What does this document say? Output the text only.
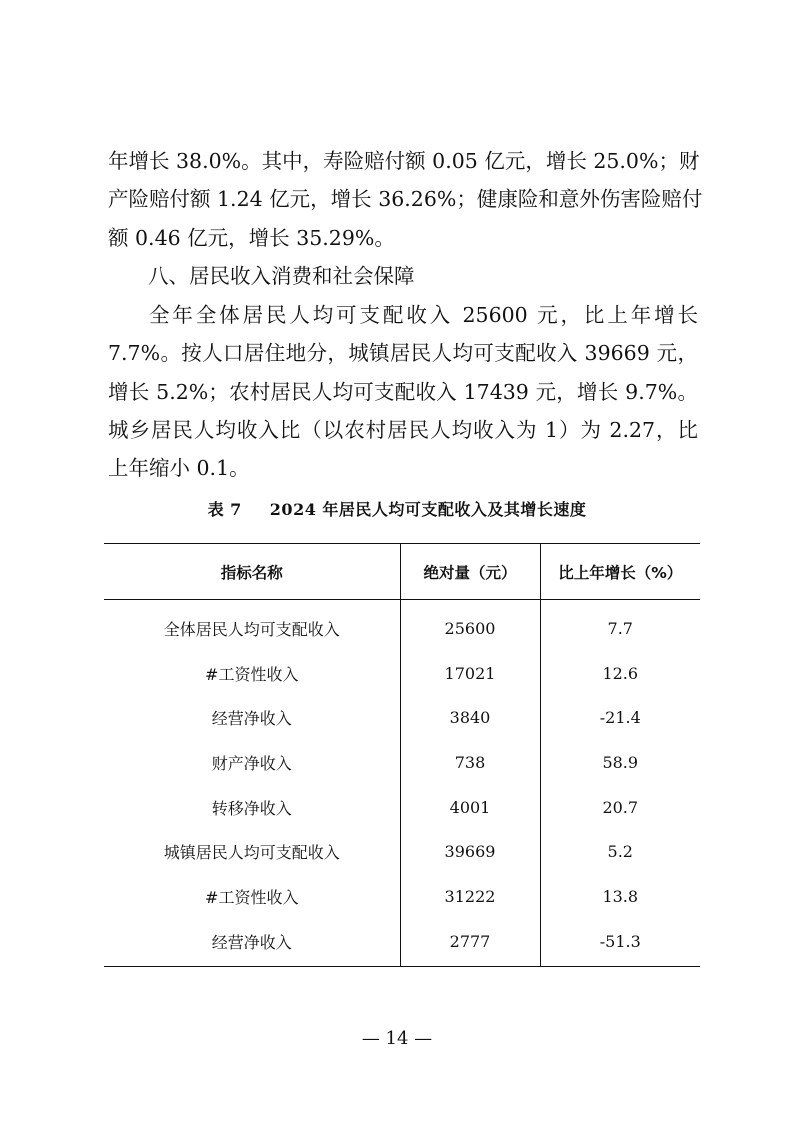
年增长 38.0%。其中，寿险赔付额 0.05 亿元，增长 25.0%；财
产险赔付额 1.24 亿元，增长 36.26%；健康险和意外伤害险赔付
额 0.46 亿元，增长 35.29%。

八、居民收入消费和社会保障

全年全体居民人均可支配收入 25600 元，比上年增长
7.7%。按人口居住地分，城镇居民人均可支配收入 39669 元，
增长 5.2%；农村居民人均可支配收入 17439 元，增长 9.7%。
城乡居民人均收入比（以农村居民人均收入为 1）为 2.27，比
上年缩小 0.1。

表 7 2024 年居民人均可支配收入及其增长速度
指标名称	绝对量（元）	比上年增长（%）
全体居民人均可支配收入	25600	7.7
#工资性收入	17021	12.6
经营净收入	3840	-21.4
财产净收入	738	58.9
转移净收入	4001	20.7
城镇居民人均可支配收入	39669	5.2
#工资性收入	31222	13.8
经营净收入	2777	-51.3
— 14 —
